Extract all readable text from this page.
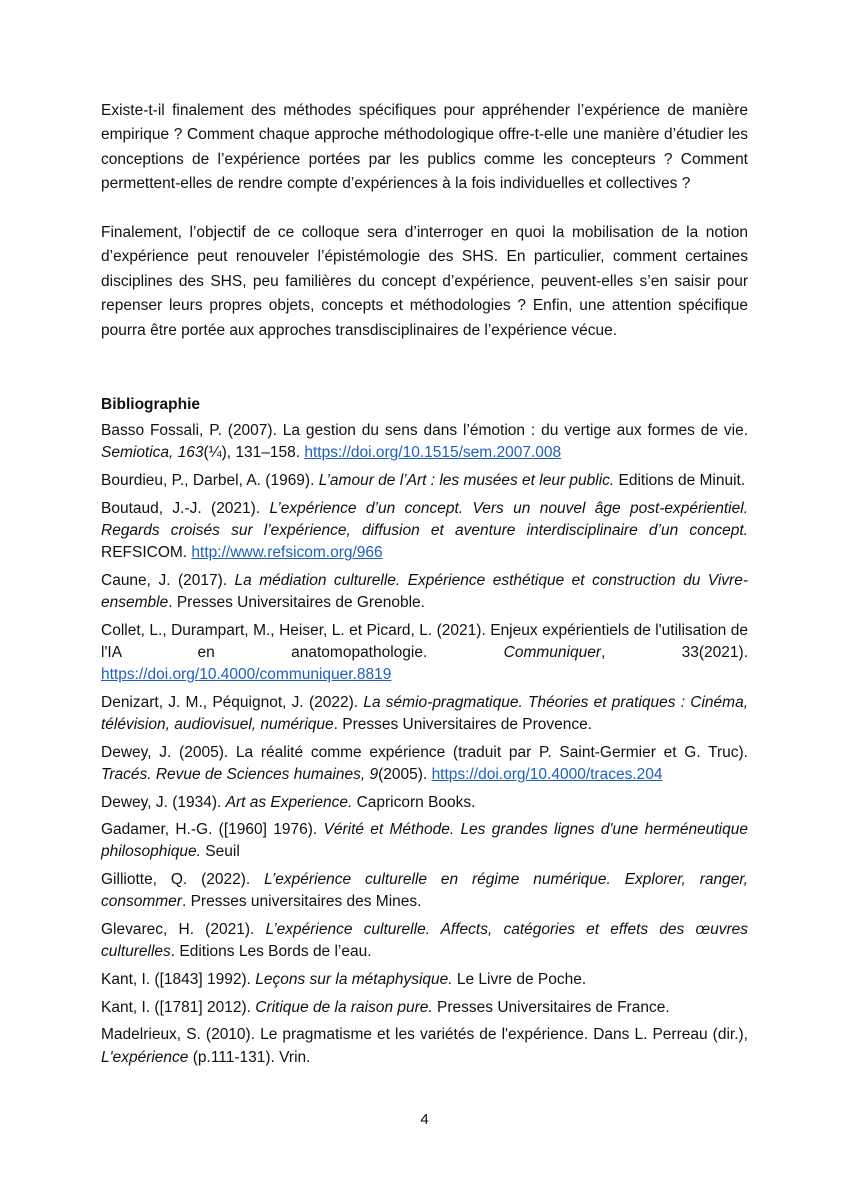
Existe-t-il finalement des méthodes spécifiques pour appréhender l’expérience de manière empirique ? Comment chaque approche méthodologique offre-t-elle une manière d’étudier les conceptions de l’expérience portées par les publics comme les concepteurs ? Comment permettent-elles de rendre compte d’expériences à la fois individuelles et collectives ?

Finalement, l’objectif de ce colloque sera d’interroger en quoi la mobilisation de la notion d’expérience peut renouveler l’épistémologie des SHS. En particulier, comment certaines disciplines des SHS, peu familières du concept d’expérience, peuvent-elles s’en saisir pour repenser leurs propres objets, concepts et méthodologies ? Enfin, une attention spécifique pourra être portée aux approches transdisciplinaires de l’expérience vécue.

Bibliographie
Basso Fossali, P. (2007). La gestion du sens dans l’émotion : du vertige aux formes de vie. Semiotica, 163(¼), 131–158. https://doi.org/10.1515/sem.2007.008
Bourdieu, P., Darbel, A. (1969). L’amour de l’Art : les musées et leur public. Editions de Minuit.
Boutaud, J.-J. (2021). L’expérience d’un concept. Vers un nouvel âge post-expérientiel. Regards croisés sur l’expérience, diffusion et aventure interdisciplinaire d’un concept. REFSICOM. http://www.refsicom.org/966
Caune, J. (2017). La médiation culturelle. Expérience esthétique et construction du Vivre-ensemble. Presses Universitaires de Grenoble.
Collet, L., Durampart, M., Heiser, L. et Picard, L. (2021). Enjeux expérientiels de l'utilisation de l'IA en anatomopathologie. Communiquer, 33(2021). https://doi.org/10.4000/communiquer.8819
Denizart, J. M., Péquignot, J. (2022). La sémio-pragmatique. Théories et pratiques : Cinéma, télévision, audiovisuel, numérique. Presses Universitaires de Provence.
Dewey, J. (2005). La réalité comme expérience (traduit par P. Saint-Germier et G. Truc). Tracés. Revue de Sciences humaines, 9(2005). https://doi.org/10.4000/traces.204
Dewey, J. (1934). Art as Experience. Capricorn Books.
Gadamer, H.-G. ([1960] 1976). Vérité et Méthode. Les grandes lignes d'une herméneutique philosophique. Seuil
Gilliotte, Q. (2022). L’expérience culturelle en régime numérique. Explorer, ranger, consommer. Presses universitaires des Mines.
Glevarec, H. (2021). L’expérience culturelle. Affects, catégories et effets des œuvres culturelles. Editions Les Bords de l’eau.
Kant, I. ([1843] 1992). Leçons sur la métaphysique. Le Livre de Poche.
Kant, I. ([1781] 2012). Critique de la raison pure. Presses Universitaires de France.
Madelrieux, S. (2010). Le pragmatisme et les variétés de l'expérience. Dans L. Perreau (dir.), L'expérience (p.111-131). Vrin.
4
